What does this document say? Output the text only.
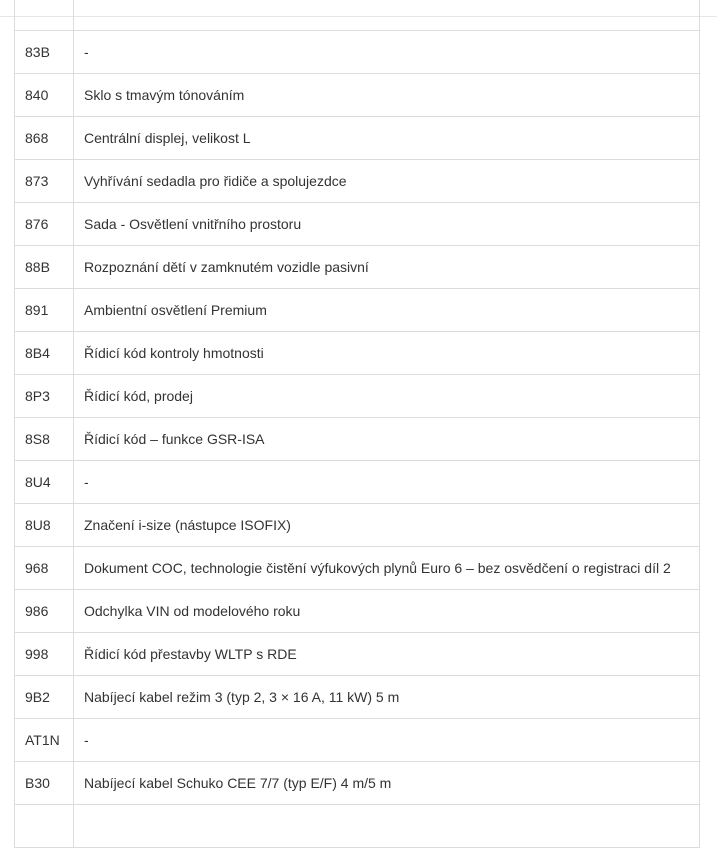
83B	-
840	Sklo s tmavým tónováním
868	Centrální displej, velikost L
873	Vyhřívání sedadla pro řidiče a spolujezdce
876	Sada - Osvětlení vnitřního prostoru
88B	Rozpoznání dětí v zamknutém vozidle pasivní
891	Ambientní osvětlení Premium
8B4	Řídicí kód kontroly hmotnosti
8P3	Řídicí kód, prodej
8S8	Řídicí kód – funkce GSR-ISA
8U4	-
8U8	Značení i-size (nástupce ISOFIX)
968	Dokument COC, technologie čistění výfukových plynů Euro 6 – bez osvědčení o registraci díl 2
986	Odchylka VIN od modelového roku
998	Řídicí kód přestavby WLTP s RDE
9B2	Nabíjecí kabel režim 3 (typ 2, 3 × 16 A, 11 kW) 5 m
AT1N	-
B30	Nabíjecí kabel Schuko CEE 7/7 (typ E/F) 4 m/5 m
